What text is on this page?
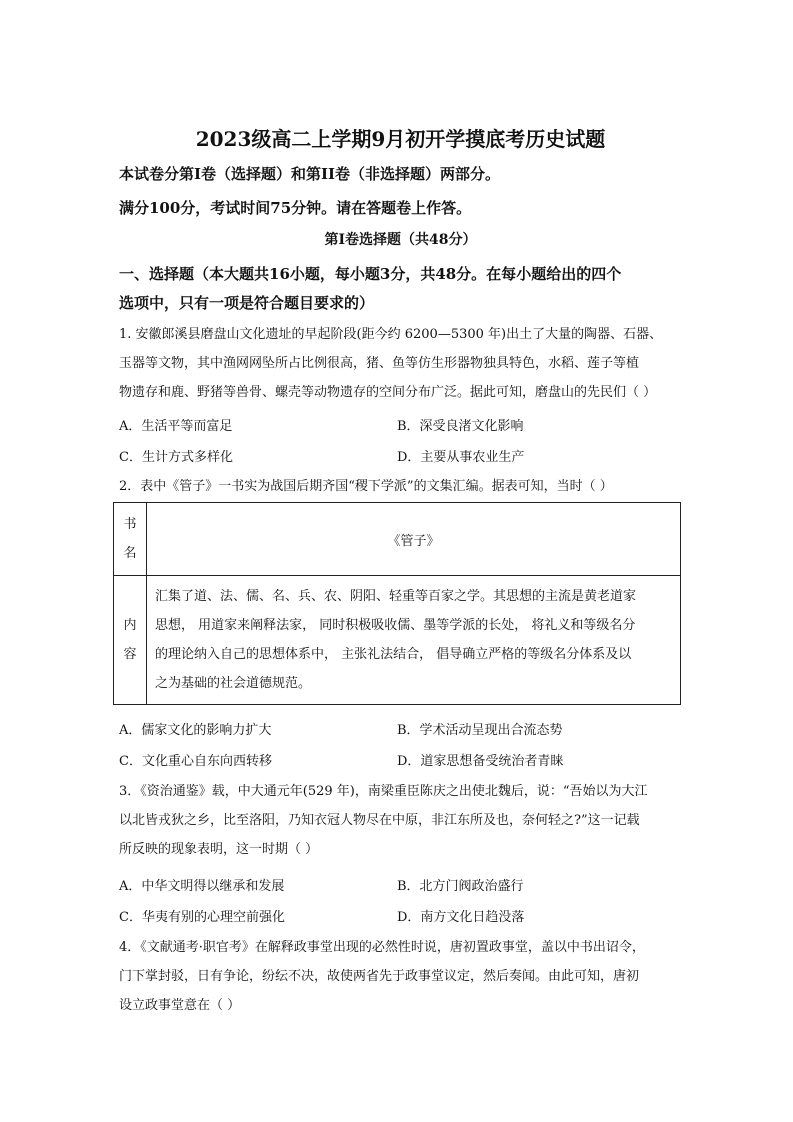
2023级高二上学期9月初开学摸底考历史试题
本试卷分第I卷（选择题）和第II卷（非选择题）两部分。
满分100分，考试时间75分钟。请在答题卷上作答。
第I卷选择题（共48分）
一、选择题（本大题共16小题，每小题3分，共48分。在每小题给出的四个
选项中，只有一项是符合题目要求的）
1. 安徽郎溪县磨盘山文化遗址的早起阶段(距今约 6200—5300 年)出土了大量的陶器、石器、
玉器等文物，其中渔网网坠所占比例很高，猪、鱼等仿生形器物独具特色，水稻、莲子等植
物遗存和鹿、野猪等兽骨、螺壳等动物遗存的空间分布广泛。据此可知，磨盘山的先民们（ ）
A．生活平等而富足	B．深受良渚文化影响
C．生计方式多样化	D．主要从事农业生产
2．表中《管子》一书实为战国后期齐国“稷下学派”的文集汇编。据表可知，当时（ ）
书
名	《管子》

内
容	汇集了道、法、儒、名、兵、农、阴阳、轻重等百家之学。其思想的主流是黄老道家
思想， 用道家来阐释法家， 同时积极吸收儒、墨等学派的长处， 将礼义和等级名分
的理论纳入自己的思想体系中， 主张礼法结合， 倡导确立严格的等级名分体系及以
之为基础的社会道德规范。
A．儒家文化的影响力扩大	B．学术活动呈现出合流态势
C．文化重心自东向西转移	D．道家思想备受统治者青睐
3．《资治通鉴》载，中大通元年(529 年)，南梁重臣陈庆之出使北魏后，说：“吾始以为大江
以北皆戎狄之乡，比至洛阳，乃知衣冠人物尽在中原，非江东所及也，奈何轻之?”这一记载
所反映的现象表明，这一时期（ ）
A．中华文明得以继承和发展	B．北方门阀政治盛行
C．华夷有别的心理空前强化	D．南方文化日趋没落
4．《文献通考·职官考》在解释政事堂出现的必然性时说，唐初置政事堂，盖以中书出诏令，
门下掌封驳，日有争论，纷纭不决，故使两省先于政事堂议定，然后奏闻。由此可知，唐初
设立政事堂意在（ ）
